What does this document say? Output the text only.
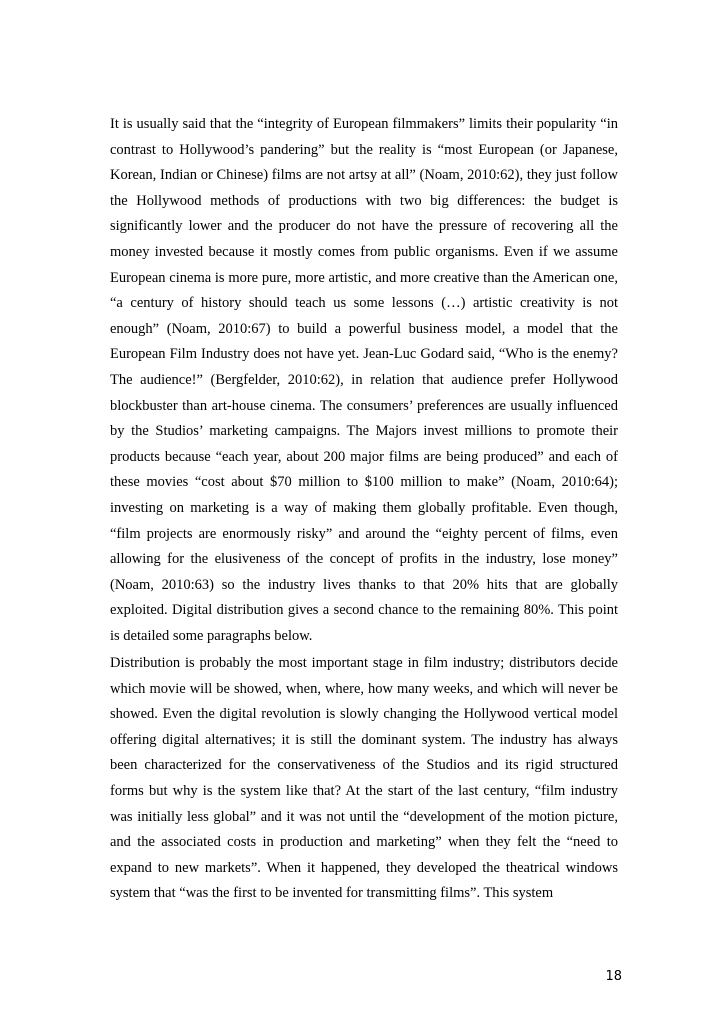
It is usually said that the “integrity of European filmmakers” limits their popularity “in contrast to Hollywood’s pandering” but the reality is “most European (or Japanese, Korean, Indian or Chinese) films are not artsy at all” (Noam, 2010:62), they just follow the Hollywood methods of productions with two big differences: the budget is significantly lower and the producer do not have the pressure of recovering all the money invested because it mostly comes from public organisms. Even if we assume European cinema is more pure, more artistic, and more creative than the American one, “a century of history should teach us some lessons (…) artistic creativity is not enough” (Noam, 2010:67) to build a powerful business model, a model that the European Film Industry does not have yet. Jean-Luc Godard said, “Who is the enemy? The audience!” (Bergfelder, 2010:62), in relation that audience prefer Hollywood blockbuster than art-house cinema. The consumers’ preferences are usually influenced by the Studios’ marketing campaigns. The Majors invest millions to promote their products because “each year, about 200 major films are being produced” and each of these movies “cost about $70 million to $100 million to make” (Noam, 2010:64); investing on marketing is a way of making them globally profitable. Even though, “film projects are enormously risky” and around the “eighty percent of films, even allowing for the elusiveness of the concept of profits in the industry, lose money” (Noam, 2010:63) so the industry lives thanks to that 20% hits that are globally exploited. Digital distribution gives a second chance to the remaining 80%. This point is detailed some paragraphs below.

Distribution is probably the most important stage in film industry; distributors decide which movie will be showed, when, where, how many weeks, and which will never be showed. Even the digital revolution is slowly changing the Hollywood vertical model offering digital alternatives; it is still the dominant system. The industry has always been characterized for the conservativeness of the Studios and its rigid structured forms but why is the system like that? At the start of the last century, “film industry was initially less global” and it was not until the “development of the motion picture, and the associated costs in production and marketing” when they felt the “need to expand to new markets”. When it happened, they developed the theatrical windows system that “was the first to be invented for transmitting films”. This system

18
